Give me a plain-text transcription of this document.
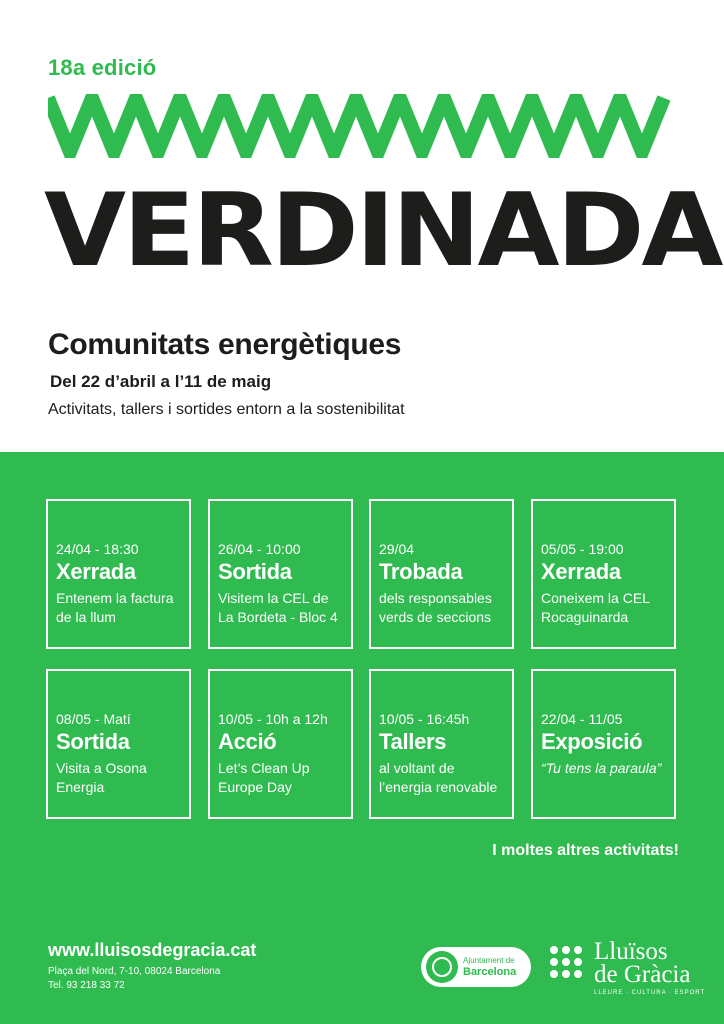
18a edició
VERDINADA
Comunitats energètiques
Del 22 d’abril a l’11 de maig
Activitats, tallers i sortides entorn a la sostenibilitat
24/04 - 18:30
Xerrada
Entenem la factura
de la llum
26/04 - 10:00
Sortida
Visitem la CEL de
La Bordeta - Bloc 4
29/04
Trobada
dels responsables
verds de seccions
05/05 - 19:00
Xerrada
Coneixem la CEL
Rocaguinarda
08/05 - Matí
Sortida
Visita a Osona
Energia
10/05 - 10h a 12h
Acció
Let’s Clean Up
Europe Day
10/05 - 16:45h
Tallers
al voltant de
l’energia renovable
22/04 - 11/05
Exposició
“Tu tens la paraula”
I moltes altres activitats!
www.lluisosdegracia.cat
Plaça del Nord, 7-10, 08024 Barcelona
Tel. 93 218 33 72
Ajuntament de
Barcelona
Lluïsos
de Gràcia
LLEURE · CULTURA · ESPORT
